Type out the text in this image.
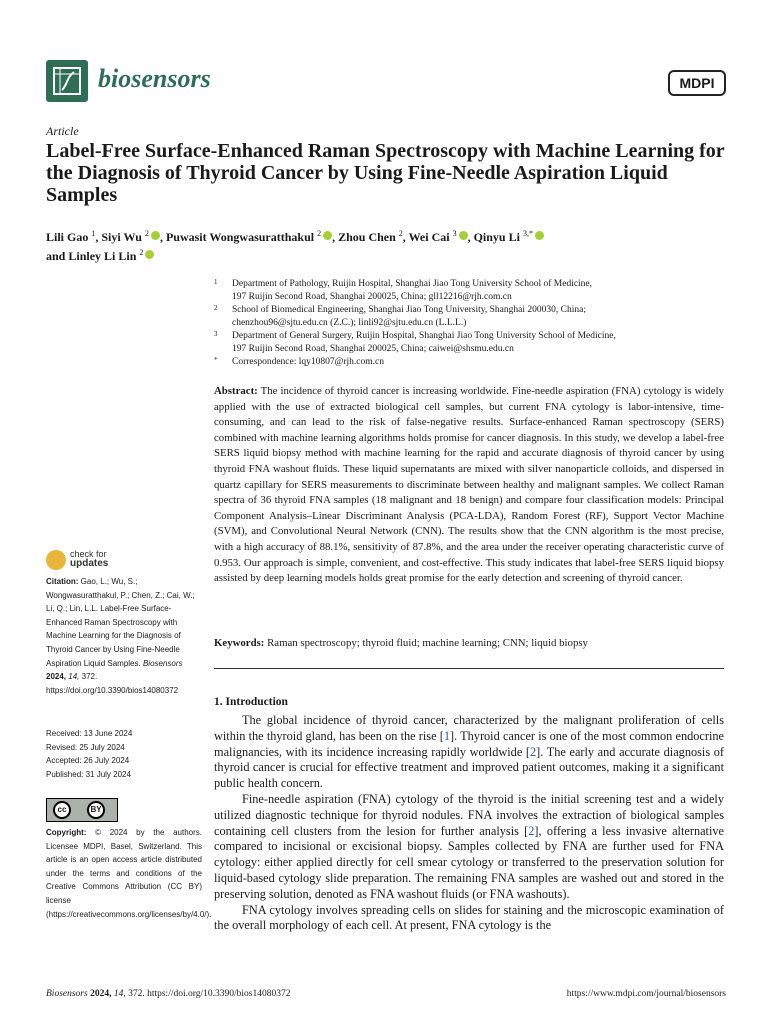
biosensors	MDPI
Article
Label-Free Surface-Enhanced Raman Spectroscopy with Machine Learning for the Diagnosis of Thyroid Cancer by Using Fine-Needle Aspiration Liquid Samples
Lili Gao $^1$, Siyi Wu $^2$ , Puwasit Wongwasuratthakul $^2$ , Zhou Chen $^2$, Wei Cai $^3$ , Qinyu Li $^{3,*}$
and Linley Li Lin $^2$
1 Department of Pathology, Ruijin Hospital, Shanghai Jiao Tong University School of Medicine,
197 Ruijin Second Road, Shanghai 200025, China; gll12216@rjh.com.cn
2 School of Biomedical Engineering, Shanghai Jiao Tong University, Shanghai 200030, China;
chenzhou96@sjtu.edu.cn (Z.C.); linli92@sjtu.edu.cn (L.L.L.)
3 Department of General Surgery, Ruijin Hospital, Shanghai Jiao Tong University School of Medicine,
197 Ruijin Second Road, Shanghai 200025, China; caiwei@shsmu.edu.cn
* Correspondence: lqy10807@rjh.com.cn
Abstract: The incidence of thyroid cancer is increasing worldwide. Fine-needle aspiration (FNA) cytology is widely applied with the use of extracted biological cell samples, but current FNA cytology is labor-intensive, time-consuming, and can lead to the risk of false-negative results. Surface-enhanced Raman spectroscopy (SERS) combined with machine learning algorithms holds promise for cancer diagnosis. In this study, we develop a label-free SERS liquid biopsy method with machine learning for the rapid and accurate diagnosis of thyroid cancer by using thyroid FNA washout fluids. These liquid supernatants are mixed with silver nanoparticle colloids, and dispersed in quartz capillary for SERS measurements to discriminate between healthy and malignant samples. We collect Raman spectra of 36 thyroid FNA samples (18 malignant and 18 benign) and compare four classification models: Principal Component Analysis–Linear Discriminant Analysis (PCA-LDA), Random Forest (RF), Support Vector Machine (SVM), and Convolutional Neural Network (CNN). The results show that the CNN algorithm is the most precise, with a high accuracy of 88.1%, sensitivity of 87.8%, and the area under the receiver operating characteristic curve of 0.953. Our approach is simple, convenient, and cost-effective. This study indicates that label-free SERS liquid biopsy assisted by deep learning models holds great promise for the early detection and screening of thyroid cancer.
Keywords: Raman spectroscopy; thyroid fluid; machine learning; CNN; liquid biopsy
check for
updates
Citation: Gao, L.; Wu, S.; Wongwasuratthakul, P.; Chen, Z.; Cai, W.; Li, Q.; Lin, L.L. Label-Free Surface-Enhanced Raman Spectroscopy with Machine Learning for the Diagnosis of Thyroid Cancer by Using Fine-Needle Aspiration Liquid Samples. Biosensors 2024, 14, 372. https://doi.org/10.3390/bios14080372
Received: 13 June 2024
Revised: 25 July 2024
Accepted: 26 July 2024
Published: 31 July 2024
cc	BY
Copyright: © 2024 by the authors. Licensee MDPI, Basel, Switzerland. This article is an open access article distributed under the terms and conditions of the Creative Commons Attribution (CC BY) license (https://creativecommons.org/licenses/by/4.0/).
1. Introduction

The global incidence of thyroid cancer, characterized by the malignant proliferation of cells within the thyroid gland, has been on the rise [1]. Thyroid cancer is one of the most common endocrine malignancies, with its incidence increasing rapidly worldwide [2]. The early and accurate diagnosis of thyroid cancer is crucial for effective treatment and improved patient outcomes, making it a significant public health concern.

Fine-needle aspiration (FNA) cytology of the thyroid is the initial screening test and a widely utilized diagnostic technique for thyroid nodules. FNA involves the extraction of biological samples containing cell clusters from the lesion for further analysis [2], offering a less invasive alternative compared to incisional or excisional biopsy. Samples collected by FNA are further used for FNA cytology: either applied directly for cell smear cytology or transferred to the preservation solution for liquid-based cytology slide preparation. The remaining FNA samples are washed out and stored in the preserving solution, denoted as FNA washout fluids (or FNA washouts).

FNA cytology involves spreading cells on slides for staining and the microscopic examination of the overall morphology of each cell. At present, FNA cytology is the

Biosensors 2024, 14, 372. https://doi.org/10.3390/bios14080372	https://www.mdpi.com/journal/biosensors
